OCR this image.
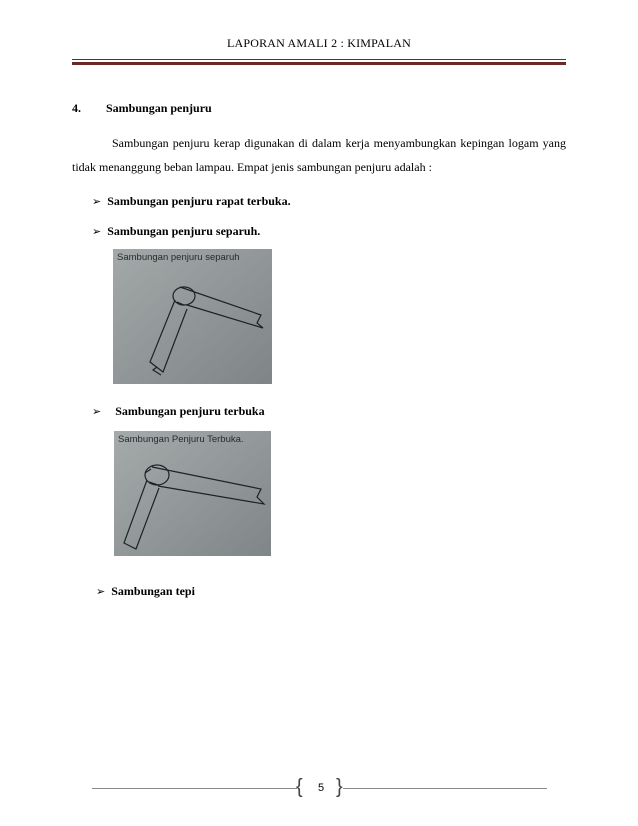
LAPORAN AMALI 2 : KIMPALAN
4. Sambungan penjuru
Sambungan penjuru kerap digunakan di dalam kerja menyambungkan kepingan logam yang tidak menanggung beban lampau. Empat jenis sambungan penjuru adalah :
➢ Sambungan penjuru rapat terbuka.
➢ Sambungan penjuru separuh.
Sambungan penjuru separuh
➢ Sambungan penjuru terbuka
Sambungan Penjuru Terbuka.
➢ Sambungan tepi
{	5 }
